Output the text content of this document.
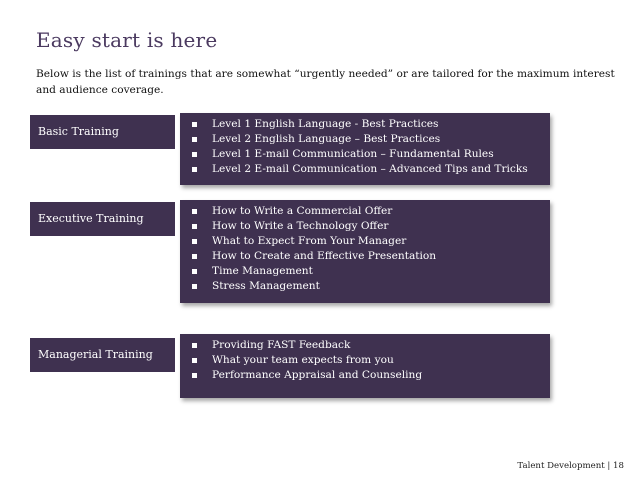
Easy start is here
Below is the list of trainings that are somewhat “urgently needed” or are tailored for the maximum interest and audience coverage.
Basic Training
Level 1 English Language - Best Practices
Level 2 English Language – Best Practices
Level 1 E-mail Communication – Fundamental Rules
Level 2 E-mail Communication – Advanced Tips and Tricks
Executive Training
How to Write a Commercial Offer
How to Write a Technology Offer
What to Expect From Your Manager
How to Create and Effective Presentation
Time Management
Stress Management
Managerial Training
Providing FAST Feedback
What your team expects from you
Performance Appraisal and Counseling
Talent Development | 18
